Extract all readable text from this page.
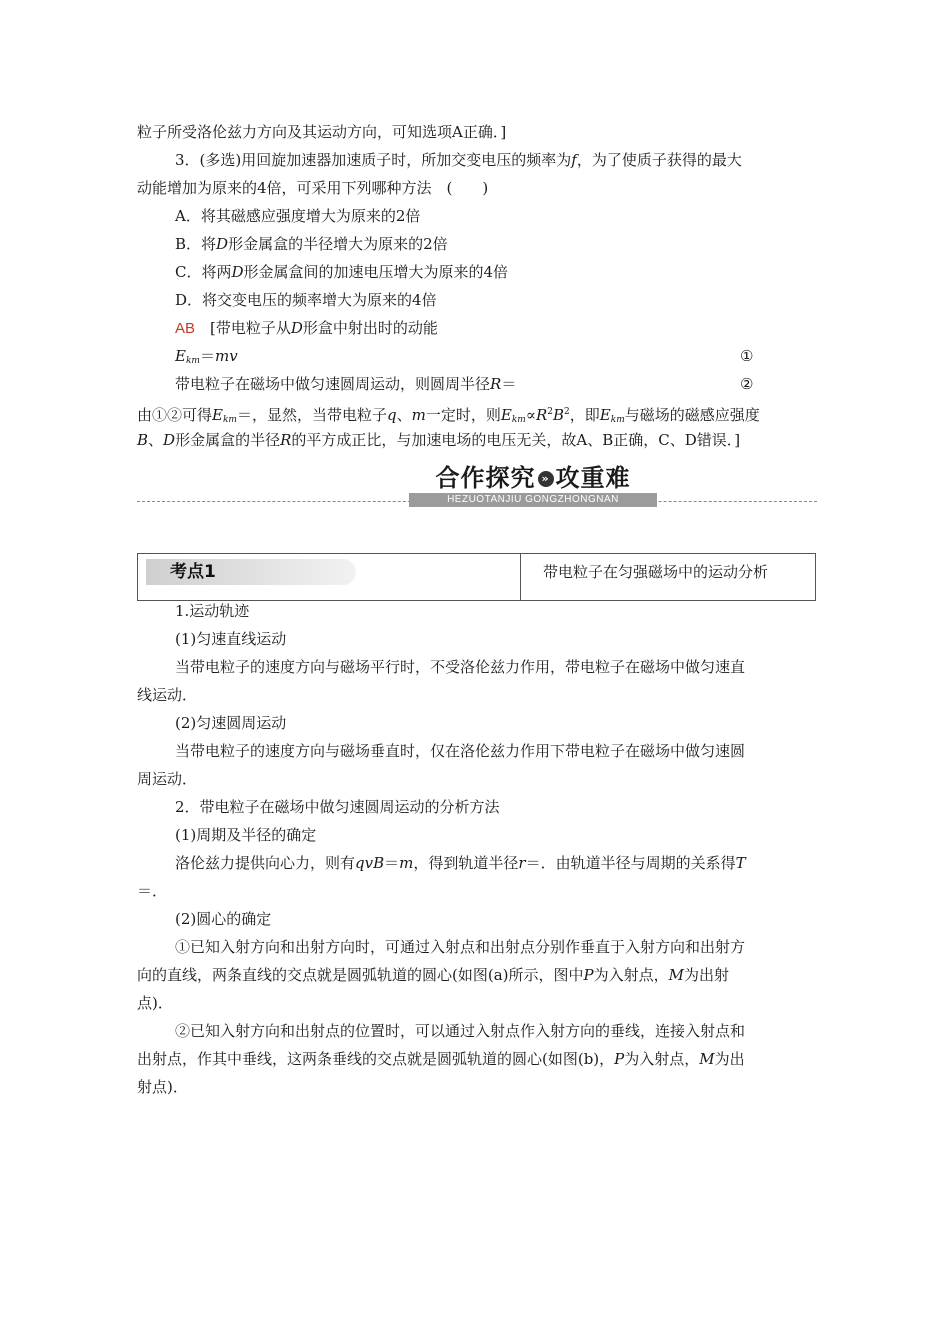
粒子所受洛伦兹力方向及其运动方向，可知选项A正确．]
3．(多选)用回旋加速器加速质子时，所加交变电压的频率为f，为了使质子获得的最大
动能增加为原来的4倍，可采用下列哪种方法　(　　)
A．将其磁感应强度增大为原来的2倍
B．将D形金属盒的半径增大为原来的2倍
C．将两D形金属盒间的加速电压增大为原来的4倍
D．将交变电压的频率增大为原来的4倍
AB　 [带电粒子从D形盒中射出时的动能
$E_{km}=mv$	①
带电粒子在磁场中做匀速圆周运动，则圆周半径R＝	②
由①②可得$E_{km}=$，显然，当带电粒子q、m一定时，则$E_{km}\propto R^2B^2$，即$E_{km}$与磁场的磁感应强度
B、D形金属盒的半径R的平方成正比，与加速电场的电压无关，故A、B正确，C、D错误．]
合作探究 » 攻重难
HEZUOTANJIU GONGZHONGNAN
考点1	带电粒子在匀强磁场中的运动分析
1.运动轨迹
(1)匀速直线运动
当带电粒子的速度方向与磁场平行时，不受洛伦兹力作用，带电粒子在磁场中做匀速直
线运动．
(2)匀速圆周运动
当带电粒子的速度方向与磁场垂直时，仅在洛伦兹力作用下带电粒子在磁场中做匀速圆
周运动．
2．带电粒子在磁场中做匀速圆周运动的分析方法
(1)周期及半径的确定
洛伦兹力提供向心力，则有qvB＝m，得到轨道半径r＝．由轨道半径与周期的关系得T
＝．
(2)圆心的确定
①已知入射方向和出射方向时，可通过入射点和出射点分别作垂直于入射方向和出射方
向的直线，两条直线的交点就是圆弧轨道的圆心(如图(a)所示，图中P为入射点，M为出射
点)．
②已知入射方向和出射点的位置时，可以通过入射点作入射方向的垂线，连接入射点和
出射点，作其中垂线，这两条垂线的交点就是圆弧轨道的圆心(如图(b)，P为入射点，M为出
射点)．
